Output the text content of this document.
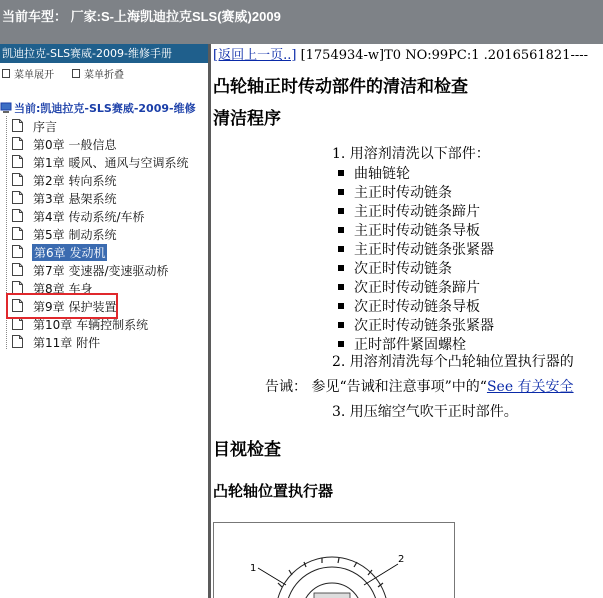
当前车型： 厂家:S-上海凯迪拉克SLS(赛威)2009
凯迪拉克-SLS赛威-2009-维修手册
菜单展开	菜单折叠
当前:凯迪拉克-SLS赛威-2009-维修
序言
第0章 一般信息
第1章 暖风、通风与空调系统
第2章 转向系统
第3章 悬架系统
第4章 传动系统/车桥
第5章 制动系统
第6章 发动机
第7章 变速器/变速驱动桥
第8章 车身
第9章 保护装置
第10章 车辆控制系统
第11章 附件
[返回上一页..] [1754934-w]T0 NO:99PC:1 .2016561821----
凸轮轴正时传动部件的清洁和检查
清洁程序
1. 用溶剂清洗以下部件：
曲轴链轮
主正时传动链条
主正时传动链条蹄片
主正时传动链条导板
主正时传动链条张紧器
次正时传动链条
次正时传动链条蹄片
次正时传动链条导板
次正时传动链条张紧器
正时部件紧固螺栓
2. 用溶剂清洗每个凸轮轴位置执行器的
告诫： 参见“告诫和注意事项”中的“See 有关安全
3. 用压缩空气吹干正时部件。
目视检查
凸轮轴位置执行器
1
2
